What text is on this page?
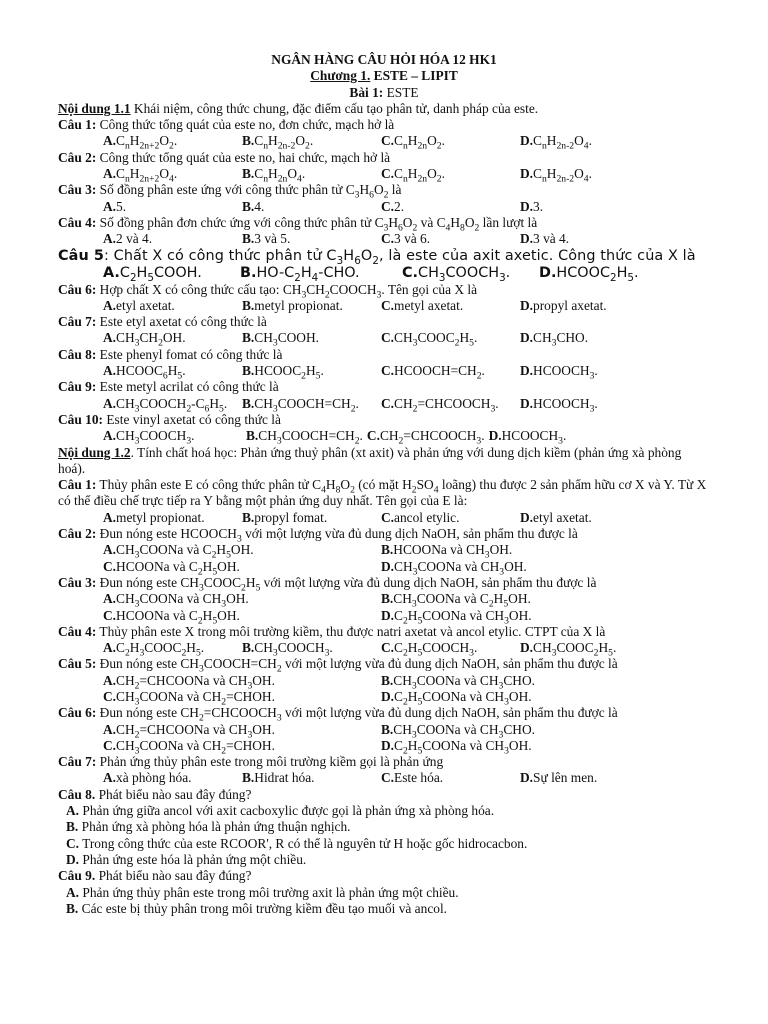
NGÂN HÀNG CÂU HỎI HÓA 12 HK1
Chương 1. ESTE – LIPIT
Bài 1: ESTE
Nội dung 1.1 Khái niệm, công thức chung, đặc điểm cấu tạo phân tử, danh pháp của este.
Câu 1: Công thức tổng quát của este no, đơn chức, mạch hở là
$A.C_nH_{2n+2}O_2$.	$B.C_nH_{2n-2}O_2$.	$C.C_nH_{2n}O_2$.	$D.C_nH_{2n-2}O_4$.
Câu 2: Công thức tổng quát của este no, hai chức, mạch hở là
$A.C_nH_{2n+2}O_4$.	$B.C_nH_{2n}O_4$.	$C.C_nH_{2n}O_2$.	$D.C_nH_{2n-2}O_4$.
Câu 3: Số đồng phân este ứng với công thức phân tử $C_3H_6O_2$ là
A.5.	B.4.	C.2.	D.3.
Câu 4: Số đồng phân đơn chức ứng với công thức phân tử $C_3H_6O_2$ và $C_4H_8O_2$ lần lượt là
A.2 và 4.	B.3 và 5.	C.3 và 6.	D.3 và 4.
Câu 5: Chất X có công thức phân tử $C_3H_6O_2$, là este của axit axetic. Công thức của X là
$A.C_2H_5COOH$.	$B.HO-C_2H_4$-CHO.	$C.CH_3COOCH_3$.	$D.HCOOC_2H_5$.
Câu 6: Hợp chất X có công thức cấu tạo: $CH_3CH_2COOCH_3$. Tên gọi của X là
A.etyl axetat.	B.metyl propionat.	C.metyl axetat.	D.propyl axetat.
Câu 7: Este etyl axetat có công thức là
$A.CH_3CH_2OH$.	$B.CH_3COOH$.	$C.CH_3COOC_2H_5$.	$D.CH_3CHO$.
Câu 8: Este phenyl fomat có công thức là
$A.HCOOC_6H_5$.	$B.HCOOC_2H_5$.	$C.HCOOCH=CH_2$.	$D.HCOOCH_3$.
Câu 9: Este metyl acrilat có công thức là
$A.CH_3COOCH_2-C_6H_5$.	$B.CH_3COOCH=CH_2$.	$C.CH_2=CHCOOCH_3$.	$D.HCOOCH_3$.
Câu 10: Este vinyl axetat có công thức là
$A.CH_3COOCH_3$.	$B.CH_3COOCH=CH_2$. $C.CH_2=CHCOOCH_3$. $D.HCOOCH_3$.
Nội dung 1.2. Tính chất hoá học: Phản ứng thuỷ phân (xt axit) và phản ứng với dung dịch kiềm (phản ứng xà phòng hoá).
Câu 1: Thủy phân este E có công thức phân tử $C_4H_8O_2$ (có mặt $H_2SO_4$ loãng) thu được 2 sản phẩm hữu cơ X và Y. Từ X có thể điều chế trực tiếp ra Y bằng một phản ứng duy nhất. Tên gọi của E là:
A.metyl propionat.	B.propyl fomat.	C.ancol etylic.	D.etyl axetat.
Câu 2: Đun nóng este $HCOOCH_3$ với một lượng vừa đủ dung dịch NaOH, sản phẩm thu được là
$A.CH_3COONa$ và $C_2H_5OH$.	B.HCOONa và $CH_3OH$.
C.HCOONa và $C_2H_5OH$.	$D.CH_3COONa$ và $CH_3OH$.
Câu 3: Đun nóng este $CH_3COOC_2H_5$ với một lượng vừa đủ dung dịch NaOH, sản phẩm thu được là
$A.CH_3COONa$ và $CH_3OH$.	$B.CH_3COONa$ và $C_2H_5OH$.
C.HCOONa và $C_2H_5OH$.	$D.C_2H_5COONa$ và $CH_3OH$.
Câu 4: Thủy phân este X trong môi trường kiềm, thu được natri axetat và ancol etylic. CTPT của X là
$A.C_2H_3COOC_2H_5$.	$B.CH_3COOCH_3$.	$C.C_2H_5COOCH_3$.	$D.CH_3COOC_2H_5$.
Câu 5: Đun nóng este $CH_3COOCH=CH_2$ với một lượng vừa đủ dung dịch NaOH, sản phẩm thu được là
$A.CH_2=CHCOONa$ và $CH_3OH$.	$B.CH_3COONa$ và $CH_3CHO$.
$C.CH_3COONa$ và $CH_2=CHOH$.	$D.C_2H_5COONa$ và $CH_3OH$.
Câu 6: Đun nóng este $CH_2=CHCOOCH_3$ với một lượng vừa đủ dung dịch NaOH, sản phẩm thu được là
$A.CH_2=CHCOONa$ và $CH_3OH$.	$B.CH_3COONa$ và $CH_3CHO$.
$C.CH_3COONa$ và $CH_2=CHOH$.	$D.C_2H_5COONa$ và $CH_3OH$.
Câu 7: Phản ứng thủy phân este trong môi trường kiềm gọi là phản ứng
A.xà phòng hóa.	B.Hidrat hóa.	C.Este hóa.	D.Sự lên men.
Câu 8. Phát biểu nào sau đây đúng?
A. Phản ứng giữa ancol với axit cacboxylic được gọi là phản ứng xà phòng hóa.
B. Phản ứng xà phòng hóa là phản ứng thuận nghịch.
C. Trong công thức của este RCOOR', R có thể là nguyên tử H hoặc gốc hidrocacbon.
D. Phản ứng este hóa là phản ứng một chiều.
Câu 9. Phát biểu nào sau đây đúng?
A. Phản ứng thủy phân este trong môi trường axit là phản ứng một chiều.
B. Các este bị thủy phân trong môi trường kiềm đều tạo muối và ancol.
